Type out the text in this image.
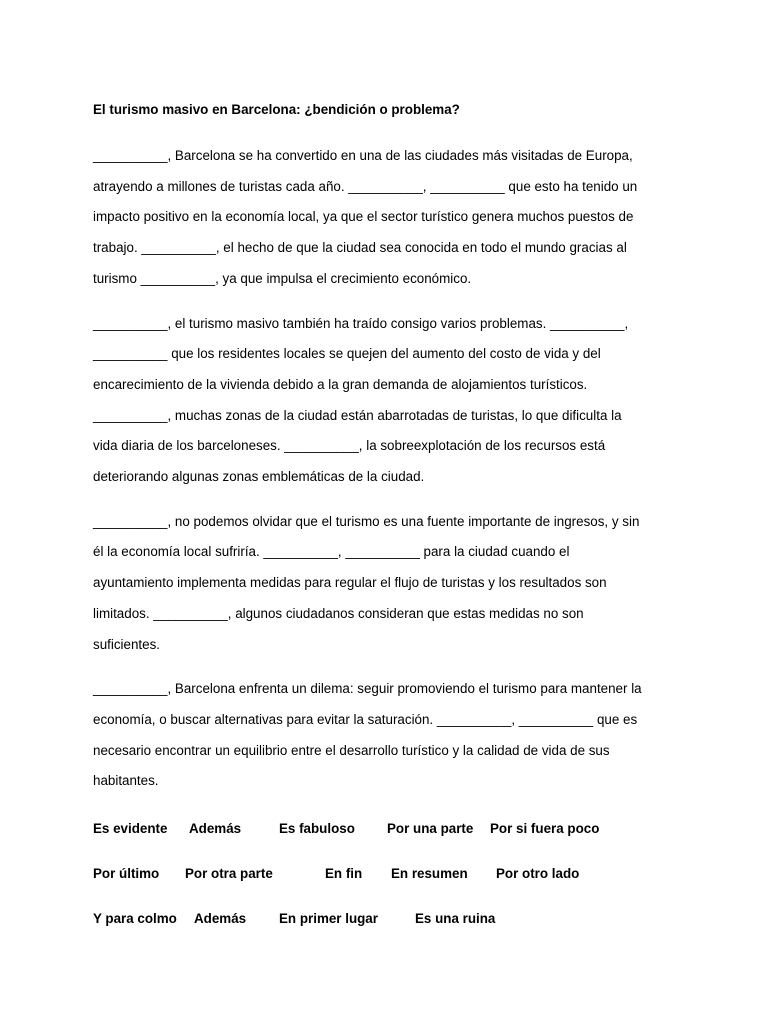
El turismo masivo en Barcelona: ¿bendición o problema?
__________, Barcelona se ha convertido en una de las ciudades más visitadas de Europa,
atrayendo a millones de turistas cada año. __________, __________ que esto ha tenido un
impacto positivo en la economía local, ya que el sector turístico genera muchos puestos de
trabajo. __________, el hecho de que la ciudad sea conocida en todo el mundo gracias al
turismo __________, ya que impulsa el crecimiento económico.
__________, el turismo masivo también ha traído consigo varios problemas. __________,
__________ que los residentes locales se quejen del aumento del costo de vida y del
encarecimiento de la vivienda debido a la gran demanda de alojamientos turísticos.
__________, muchas zonas de la ciudad están abarrotadas de turistas, lo que dificulta la
vida diaria de los barceloneses. __________, la sobreexplotación de los recursos está
deteriorando algunas zonas emblemáticas de la ciudad.
__________, no podemos olvidar que el turismo es una fuente importante de ingresos, y sin
él la economía local sufriría. __________, __________ para la ciudad cuando el
ayuntamiento implementa medidas para regular el flujo de turistas y los resultados son
limitados. __________, algunos ciudadanos consideran que estas medidas no son
suficientes.
__________, Barcelona enfrenta un dilema: seguir promoviendo el turismo para mantener la
economía, o buscar alternativas para evitar la saturación. __________, __________ que es
necesario encontrar un equilibrio entre el desarrollo turístico y la calidad de vida de sus
habitantes.
Es evidente Además	Es fabuloso Por una parte Por si fuera poco
Por último Por otra parte	En fin En resumen Por otro lado
Y para colmo Además En primer lugar	Es una ruina
